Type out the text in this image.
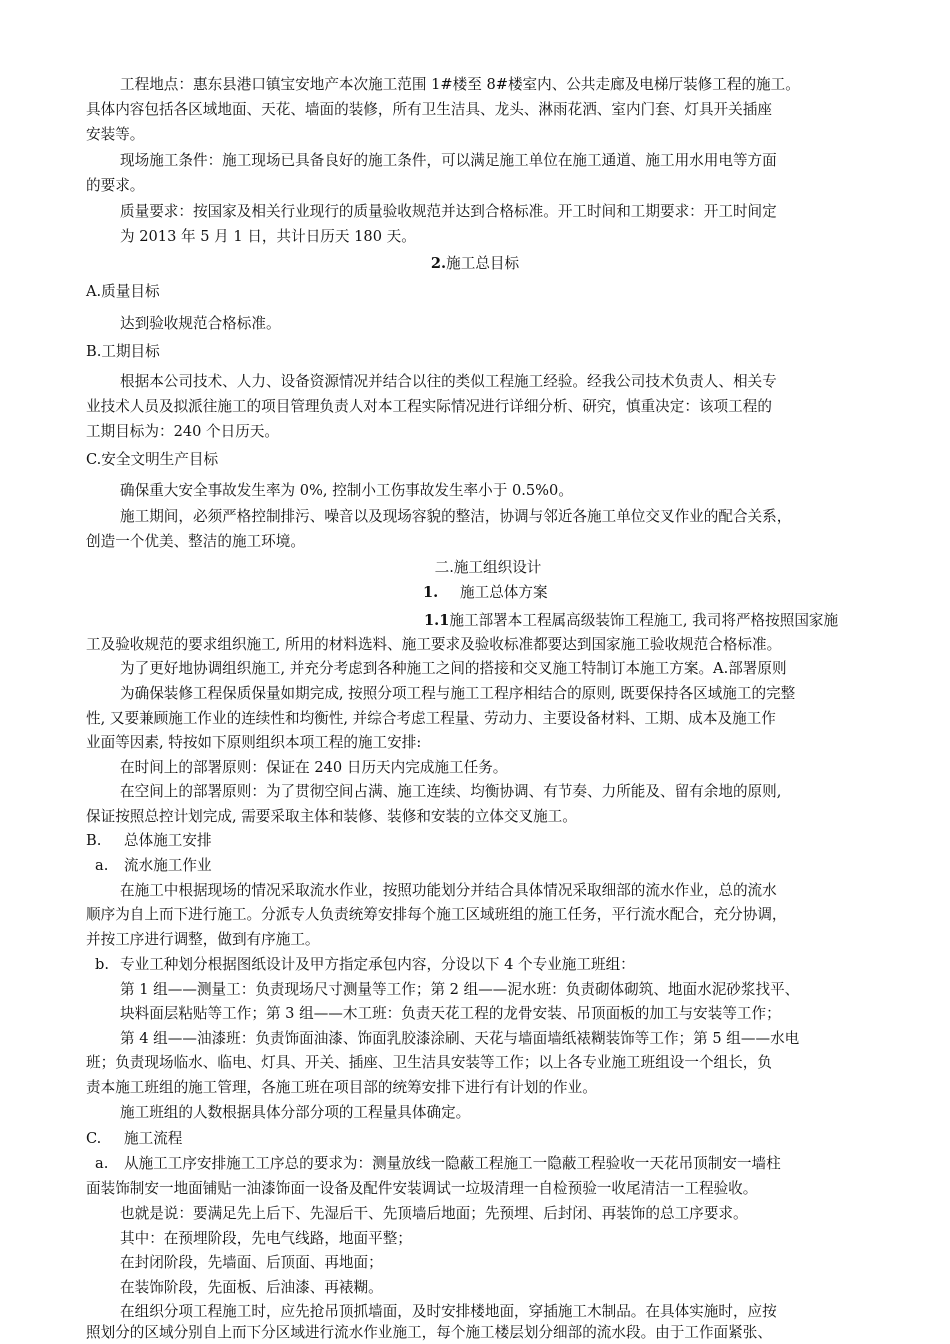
工程地点：惠东县港口镇宝安地产本次施工范围 1#楼至 8#楼室内、公共走廊及电梯厅装修工程的施工。
具体内容包括各区域地面、天花、墙面的装修，所有卫生洁具、龙头、淋雨花洒、室内门套、灯具开关插座
安装等。
现场施工条件：施工现场已具备良好的施工条件，可以满足施工单位在施工通道、施工用水用电等方面
的要求。
质量要求：按国家及相关行业现行的质量验收规范并达到合格标准。开工时间和工期要求：开工时间定
为 2013 年 5 月 1 日，共计日历天 180 天。
2.施工总目标
A.质量目标
达到验收规范合格标准。
B.工期目标
根据本公司技术、人力、设备资源情况并结合以往的类似工程施工经验。经我公司技术负责人、相关专
业技术人员及拟派往施工的项目管理负责人对本工程实际情况进行详细分析、研究，慎重决定：该项工程的
工期目标为：240 个日历天。
C.安全文明生产目标
确保重大安全事故发生率为 0%, 控制小工伤事故发生率小于 0.5%0。
施工期间，必须严格控制排污、噪音以及现场容貌的整洁，协调与邻近各施工单位交叉作业的配合关系，
创造一个优美、整洁的施工环境。
二.施工组织设计
1. 施工总体方案
1.1施工部署本工程属高级装饰工程施工, 我司将严格按照国家施
工及验收规范的要求组织施工, 所用的材料选料、施工要求及验收标准都要达到国家施工验收规范合格标准。
为了更好地协调组织施工, 并充分考虑到各种施工之间的搭接和交叉施工特制订本施工方案。A.部署原则
为确保装修工程保质保量如期完成, 按照分项工程与施工工程序相结合的原则, 既要保持各区域施工的完整
性, 又要兼顾施工作业的连续性和均衡性, 并综合考虑工程量、劳动力、主要设备材料、工期、成本及施工作
业面等因素, 特按如下原则组织本项工程的施工安排:
在时间上的部署原则：保证在 240 日历天内完成施工任务。
在空间上的部署原则：为了贯彻空间占满、施工连续、均衡协调、有节奏、力所能及、留有余地的原则,
保证按照总控计划完成, 需要采取主体和装修、装修和安装的立体交叉施工。
B. 总体施工安排
a. 流水施工作业
在施工中根据现场的情况采取流水作业，按照功能划分并结合具体情况采取细部的流水作业，总的流水
顺序为自上而下进行施工。分派专人负责统筹安排每个施工区域班组的施工任务，平行流水配合，充分协调，
并按工序进行调整，做到有序施工。
b. 专业工种划分根据图纸设计及甲方指定承包内容，分设以下 4 个专业施工班组：
第 1 组——测量工：负责现场尺寸测量等工作；第 2 组——泥水班：负责砌体砌筑、地面水泥砂浆找平、
块料面层粘贴等工作；第 3 组——木工班：负责天花工程的龙骨安装、吊顶面板的加工与安装等工作；
第 4 组——油漆班：负责饰面油漆、饰面乳胶漆涂刷、天花与墙面墙纸裱糊装饰等工作；第 5 组——水电
班；负责现场临水、临电、灯具、开关、插座、卫生洁具安装等工作；以上各专业施工班组设一个组长，负
责本施工班组的施工管理，各施工班在项目部的统筹安排下进行有计划的作业。
施工班组的人数根据具体分部分项的工程量具体确定。
C. 施工流程
a. 从施工工序安排施工工序总的要求为：测量放线一隐蔽工程施工一隐蔽工程验收一天花吊顶制安一墙柱
面装饰制安一地面铺贴一油漆饰面一设备及配件安装调试一垃圾清理一自检预验一收尾清洁一工程验收。
也就是说：要满足先上后下、先湿后干、先顶墙后地面；先预埋、后封闭、再装饰的总工序要求。
其中：在预埋阶段，先电气线路，地面平整；
在封闭阶段，先墙面、后顶面、再地面；
在装饰阶段，先面板、后油漆、再裱糊。
在组织分项工程施工时，应先抢吊顶抓墙面，及时安排楼地面，穿插施工木制品。在具体实施时，应按
照划分的区域分别自上而下分区域进行流水作业施工，每个施工楼层划分细部的流水段。由于工作面紧张、
